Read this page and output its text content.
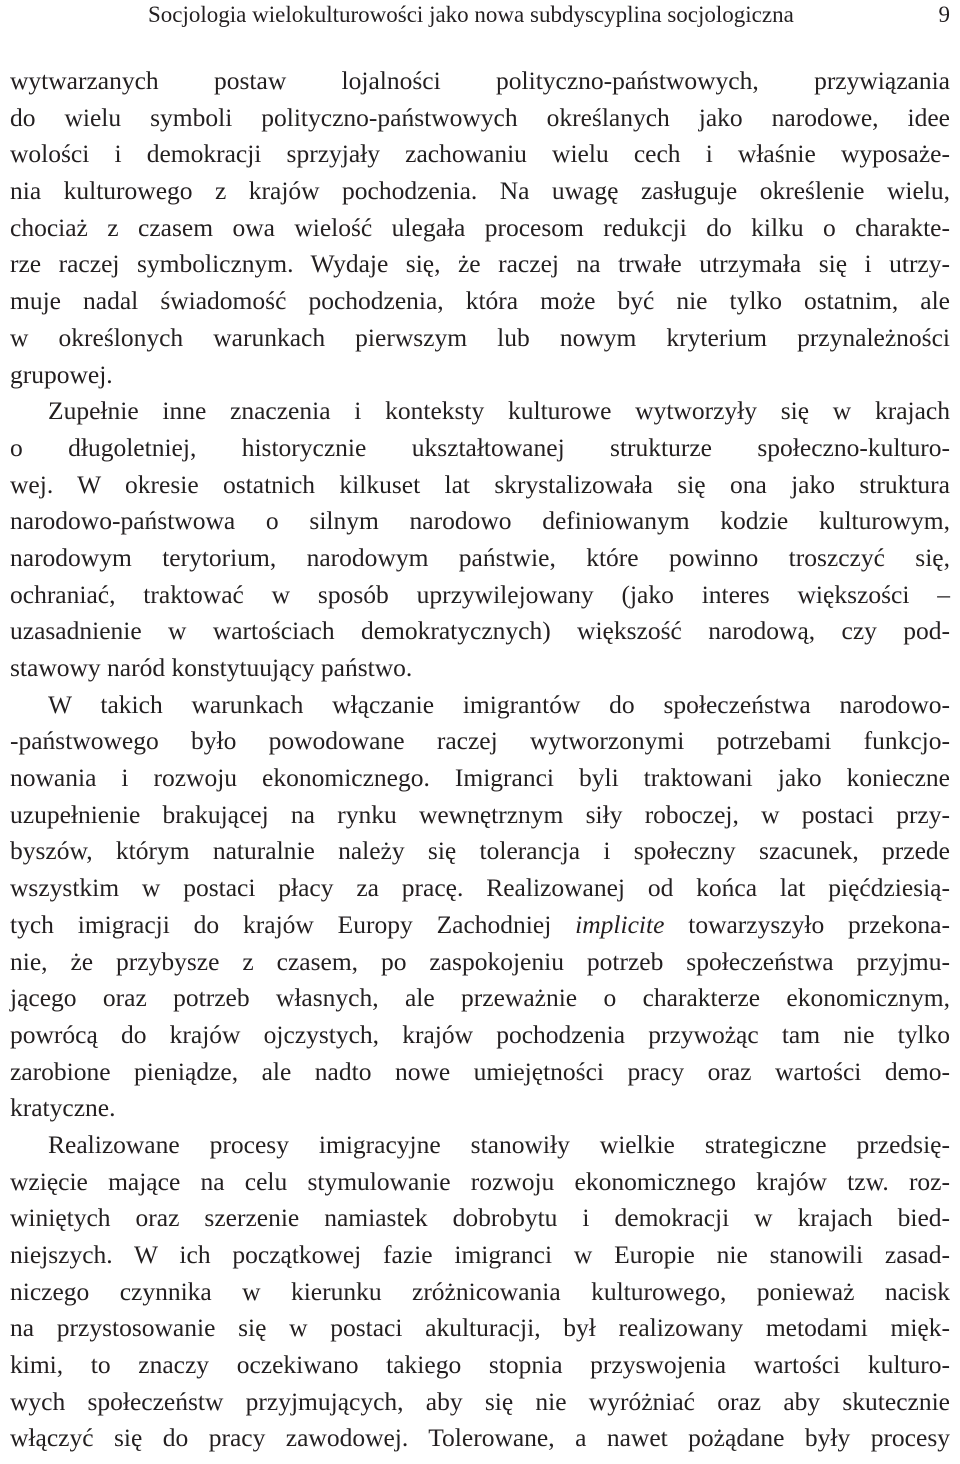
Socjologia wielokulturowości jako nowa subdyscyplina socjologiczna	9
wytwarzanych postaw lojalności polityczno-państwowych, przywiązania
do wielu symboli polityczno-państwowych określanych jako narodowe, idee
wolości i demokracji sprzyjały zachowaniu wielu cech i właśnie wyposaże-
nia kulturowego z krajów pochodzenia. Na uwagę zasługuje określenie wielu,
chociaż z czasem owa wielość ulegała procesom redukcji do kilku o charakte-
rze raczej symbolicznym. Wydaje się, że raczej na trwałe utrzymała się i utrzy-
muje nadal świadomość pochodzenia, która może być nie tylko ostatnim, ale
w określonych warunkach pierwszym lub nowym kryterium przynależności
grupowej.
Zupełnie inne znaczenia i konteksty kulturowe wytworzyły się w krajach
o długoletniej, historycznie ukształtowanej strukturze społeczno-kulturo-
wej. W okresie ostatnich kilkuset lat skrystalizowała się ona jako struktura
narodowo-państwowa o silnym narodowo definiowanym kodzie kulturowym,
narodowym terytorium, narodowym państwie, które powinno troszczyć się,
ochraniać, traktować w sposób uprzywilejowany (jako interes większości –
uzasadnienie w wartościach demokratycznych) większość narodową, czy pod-
stawowy naród konstytuujący państwo.
W takich warunkach włączanie imigrantów do społeczeństwa narodowo-
-państwowego było powodowane raczej wytworzonymi potrzebami funkcjo-
nowania i rozwoju ekonomicznego. Imigranci byli traktowani jako konieczne
uzupełnienie brakującej na rynku wewnętrznym siły roboczej, w postaci przy-
byszów, którym naturalnie należy się tolerancja i społeczny szacunek, przede
wszystkim w postaci płacy za pracę. Realizowanej od końca lat pięćdziesią-
tych imigracji do krajów Europy Zachodniej implicite towarzyszyło przekona-
nie, że przybysze z czasem, po zaspokojeniu potrzeb społeczeństwa przyjmu-
jącego oraz potrzeb własnych, ale przeważnie o charakterze ekonomicznym,
powrócą do krajów ojczystych, krajów pochodzenia przywożąc tam nie tylko
zarobione pieniądze, ale nadto nowe umiejętności pracy oraz wartości demo-
kratyczne.
Realizowane procesy imigracyjne stanowiły wielkie strategiczne przedsię-
wzięcie mające na celu stymulowanie rozwoju ekonomicznego krajów tzw. roz-
winiętych oraz szerzenie namiastek dobrobytu i demokracji w krajach bied-
niejszych. W ich początkowej fazie imigranci w Europie nie stanowili zasad-
niczego czynnika w kierunku zróżnicowania kulturowego, ponieważ nacisk
na przystosowanie się w postaci akulturacji, był realizowany metodami mięk-
kimi, to znaczy oczekiwano takiego stopnia przyswojenia wartości kulturo-
wych społeczeństw przyjmujących, aby się nie wyróżniać oraz aby skutecznie
włączyć się do pracy zawodowej. Tolerowane, a nawet pożądane były procesy
